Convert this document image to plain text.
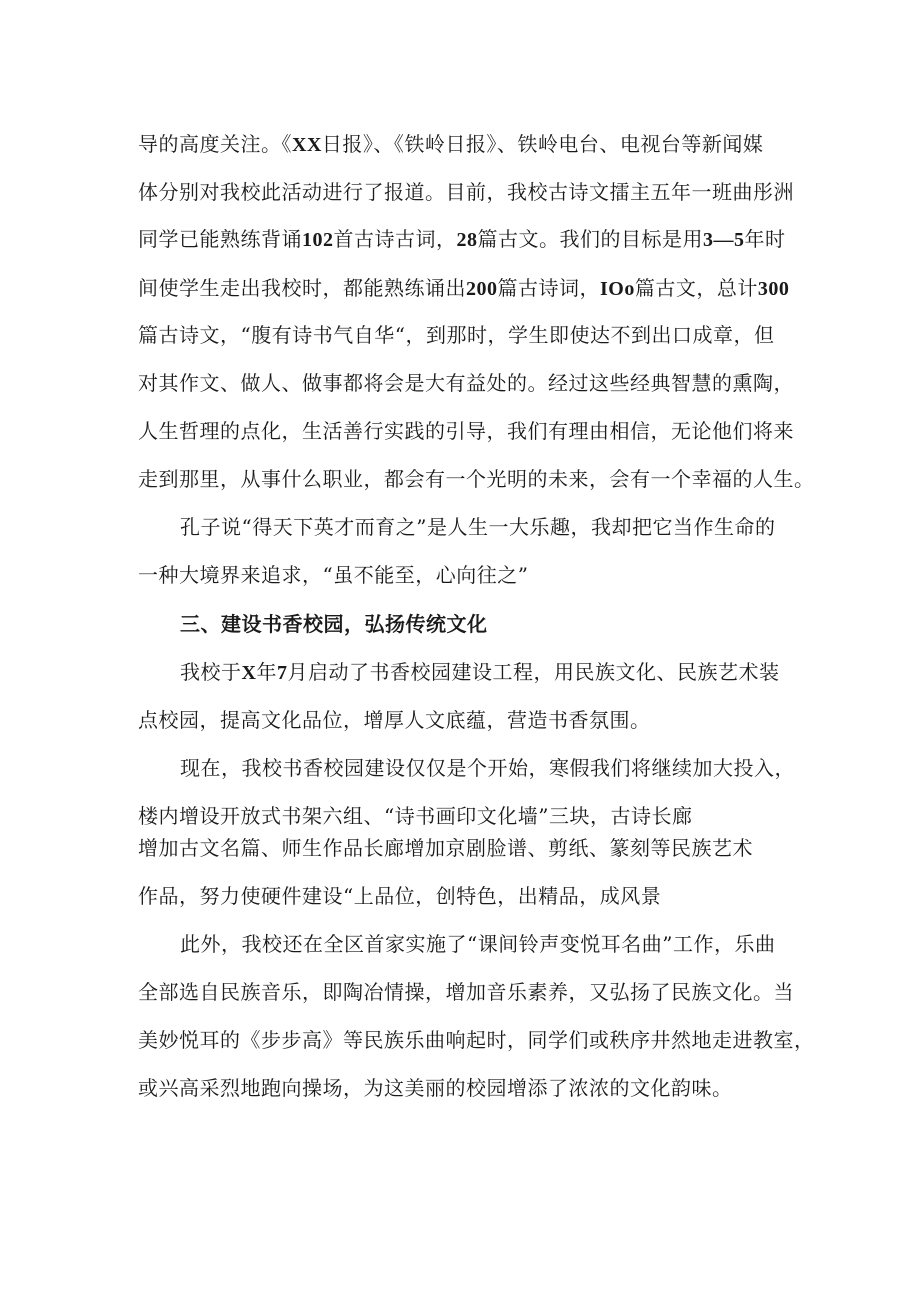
导的高度关注。《XX日报》、《铁岭日报》、铁岭电台、电视台等新闻媒
体分别对我校此活动进行了报道。目前，我校古诗文擂主五年一班曲彤洲
同学已能熟练背诵102首古诗古词，28篇古文。我们的目标是用3—5年时
间使学生走出我校时，都能熟练诵出200篇古诗词，IOo篇古文，总计300
篇古诗文，“腹有诗书气自华“，到那时，学生即使达不到出口成章，但
对其作文、做人、做事都将会是大有益处的。经过这些经典智慧的熏陶，
人生哲理的点化，生活善行实践的引导，我们有理由相信，无论他们将来
走到那里，从事什么职业，都会有一个光明的未来，会有一个幸福的人生。
孔子说“得天下英才而育之”是人生一大乐趣，我却把它当作生命的
一种大境界来追求，“虽不能至，心向往之”
三、建设书香校园，弘扬传统文化
我校于X年7月启动了书香校园建设工程，用民族文化、民族艺术装
点校园，提高文化品位，增厚人文底蕴，营造书香氛围。
现在，我校书香校园建设仅仅是个开始，寒假我们将继续加大投入，
楼内增设开放式书架六组、“诗书画印文化墙”三块，古诗长廊
增加古文名篇、师生作品长廊增加京剧脸谱、剪纸、篆刻等民族艺术
作品，努力使硬件建设“上品位，创特色，出精品，成风景
此外，我校还在全区首家实施了“课间铃声变悦耳名曲”工作，乐曲
全部选自民族音乐，即陶冶情操，增加音乐素养，又弘扬了民族文化。当
美妙悦耳的《步步高》等民族乐曲响起时，同学们或秩序井然地走进教室，
或兴高采烈地跑向操场，为这美丽的校园增添了浓浓的文化韵味。
